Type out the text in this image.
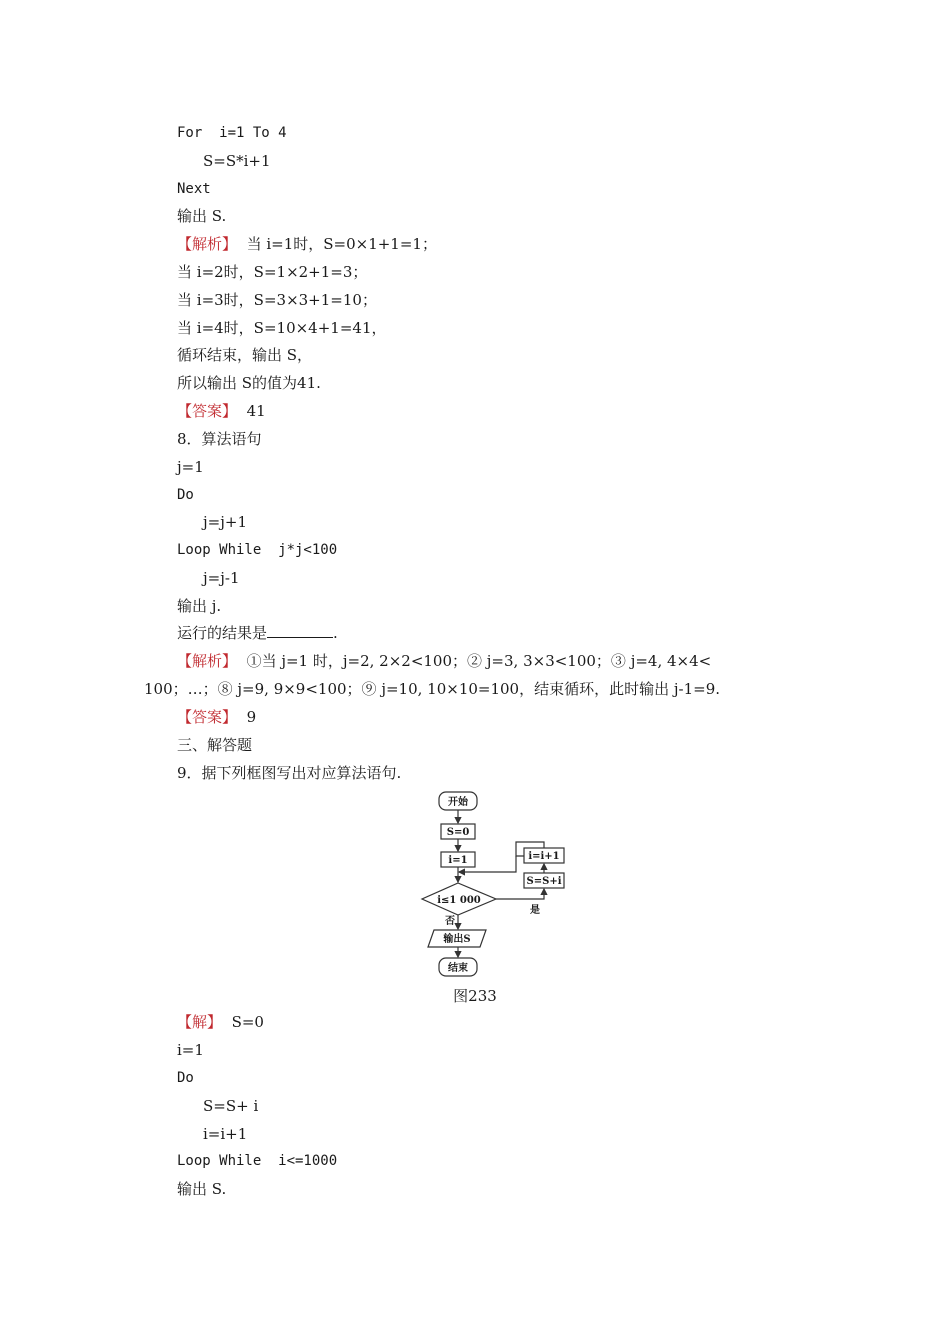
For  i=1 To 4
S=S*i+1
Next
输出 S.
【解析】 当 i=1时，S=0×1+1=1；
当 i=2时，S=1×2+1=3；
当 i=3时，S=3×3+1=10；
当 i=4时，S=10×4+1=41，
循环结束，输出 S，
所以输出 S的值为41.
【答案】 41
8．算法语句
j=1
Do
j=j+1
Loop While  j*j<100
j=j-1
输出 j.
运行的结果是	.
【解析】 ①当 j=1 时，j=2, 2×2<100；② j=3, 3×3<100；③ j=4, 4×4<
100；…；⑧ j=9, 9×9<100；⑨ j=10, 10×10=100，结束循环，此时输出 j-1=9.
【答案】 9
三、解答题
9．据下列框图写出对应算法语句.
开始
S=0
i=1
i≤1 000
i=i+1
S=S+i
是
否
输出S
结束
图233
【解】 S=0
i=1
Do
S=S+ i
i=i+1
Loop While  i<=1000
输出 S.
